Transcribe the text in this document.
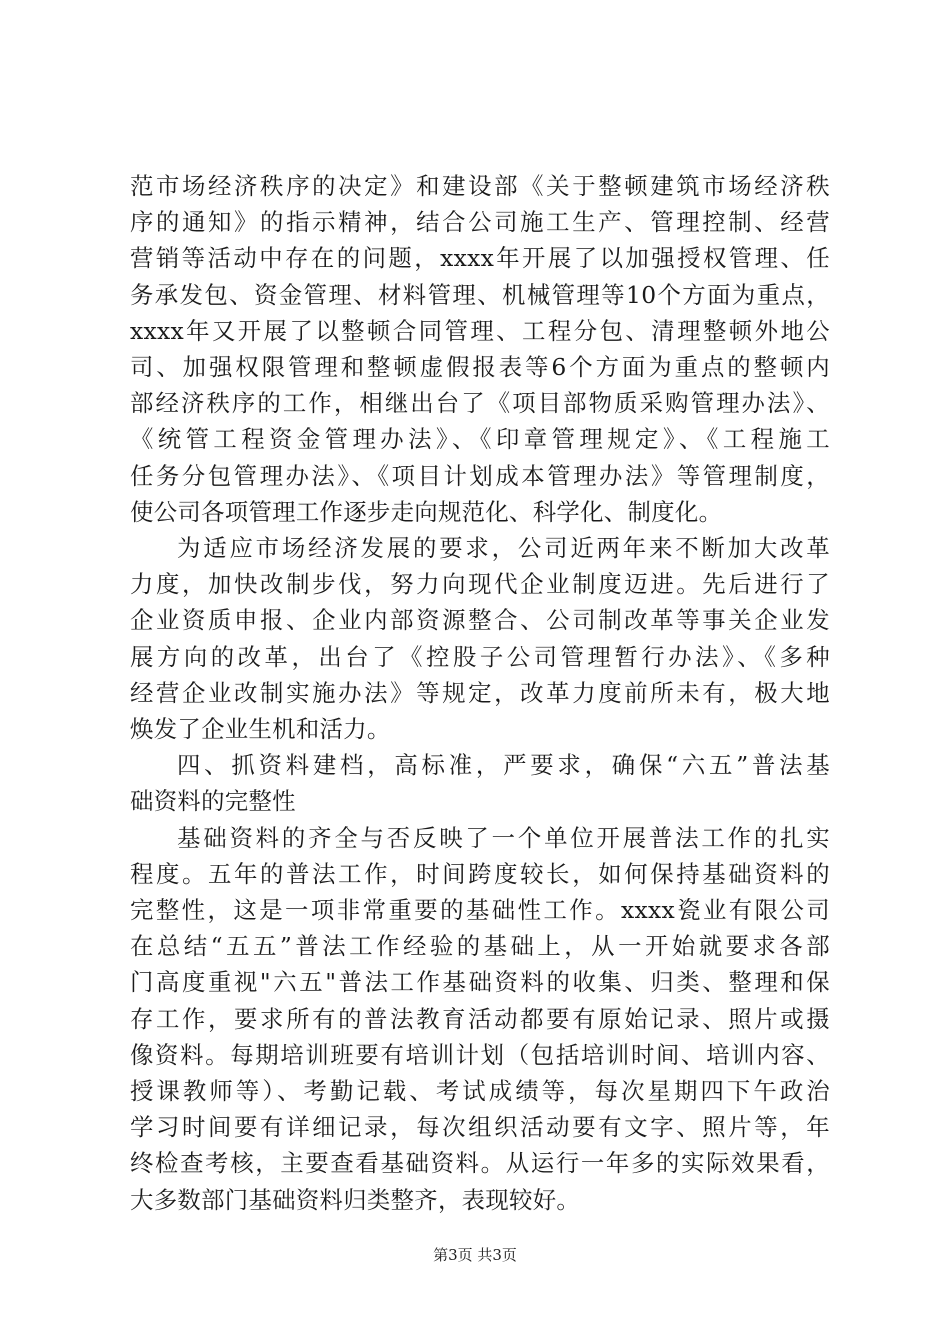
范市场经济秩序的决定》和建设部《关于整顿建筑市场经济秩
序的通知》的指示精神，结合公司施工生产、管理控制、经营
营销等活动中存在的问题，xxxx年开展了以加强授权管理、任
务承发包、资金管理、材料管理、机械管理等10个方面为重点，
xxxx年又开展了以整顿合同管理、工程分包、清理整顿外地公
司、加强权限管理和整顿虚假报表等6个方面为重点的整顿内
部经济秩序的工作，相继出台了《项目部物质采购管理办法》、
《统管工程资金管理办法》、《印章管理规定》、《工程施工
任务分包管理办法》、《项目计划成本管理办法》等管理制度，
使公司各项管理工作逐步走向规范化、科学化、制度化。
为适应市场经济发展的要求，公司近两年来不断加大改革
力度，加快改制步伐，努力向现代企业制度迈进。先后进行了
企业资质申报、企业内部资源整合、公司制改革等事关企业发
展方向的改革，出台了《控股子公司管理暂行办法》、《多种
经营企业改制实施办法》等规定，改革力度前所未有，极大地
焕发了企业生机和活力。
四、抓资料建档，高标准，严要求，确保“六五”普法基
础资料的完整性
基础资料的齐全与否反映了一个单位开展普法工作的扎实
程度。五年的普法工作，时间跨度较长，如何保持基础资料的
完整性，这是一项非常重要的基础性工作。xxxx瓷业有限公司
在总结“五五”普法工作经验的基础上，从一开始就要求各部
门高度重视"六五"普法工作基础资料的收集、归类、整理和保
存工作，要求所有的普法教育活动都要有原始记录、照片或摄
像资料。每期培训班要有培训计划（包括培训时间、培训内容、
授课教师等）、考勤记载、考试成绩等，每次星期四下午政治
学习时间要有详细记录，每次组织活动要有文字、照片等，年
终检查考核，主要查看基础资料。从运行一年多的实际效果看，
大多数部门基础资料归类整齐，表现较好。
第3页 共3页
